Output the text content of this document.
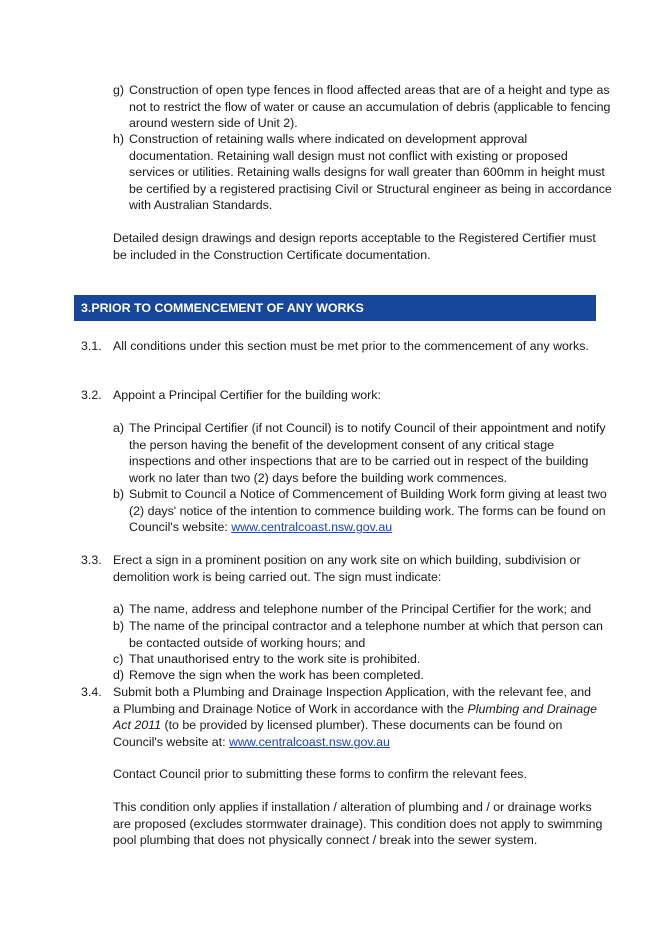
g) Construction of open type fences in flood affected areas that are of a height and type as not to restrict the flow of water or cause an accumulation of debris (applicable to fencing around western side of Unit 2).
h) Construction of retaining walls where indicated on development approval documentation. Retaining wall design must not conflict with existing or proposed services or utilities. Retaining walls designs for wall greater than 600mm in height must be certified by a registered practising Civil or Structural engineer as being in accordance with Australian Standards.
Detailed design drawings and design reports acceptable to the Registered Certifier must be included in the Construction Certificate documentation.
3.PRIOR TO COMMENCEMENT OF ANY WORKS
3.1. All conditions under this section must be met prior to the commencement of any works.
3.2. Appoint a Principal Certifier for the building work:
a) The Principal Certifier (if not Council) is to notify Council of their appointment and notify the person having the benefit of the development consent of any critical stage inspections and other inspections that are to be carried out in respect of the building work no later than two (2) days before the building work commences.
b) Submit to Council a Notice of Commencement of Building Work form giving at least two (2) days' notice of the intention to commence building work. The forms can be found on Council's website: www.centralcoast.nsw.gov.au
3.3. Erect a sign in a prominent position on any work site on which building, subdivision or demolition work is being carried out. The sign must indicate:
a) The name, address and telephone number of the Principal Certifier for the work; and
b) The name of the principal contractor and a telephone number at which that person can be contacted outside of working hours; and
c) That unauthorised entry to the work site is prohibited.
d) Remove the sign when the work has been completed.
3.4. Submit both a Plumbing and Drainage Inspection Application, with the relevant fee, and a Plumbing and Drainage Notice of Work in accordance with the Plumbing and Drainage Act 2011 (to be provided by licensed plumber). These documents can be found on Council's website at: www.centralcoast.nsw.gov.au
Contact Council prior to submitting these forms to confirm the relevant fees.
This condition only applies if installation / alteration of plumbing and / or drainage works are proposed (excludes stormwater drainage). This condition does not apply to swimming pool plumbing that does not physically connect / break into the sewer system.
